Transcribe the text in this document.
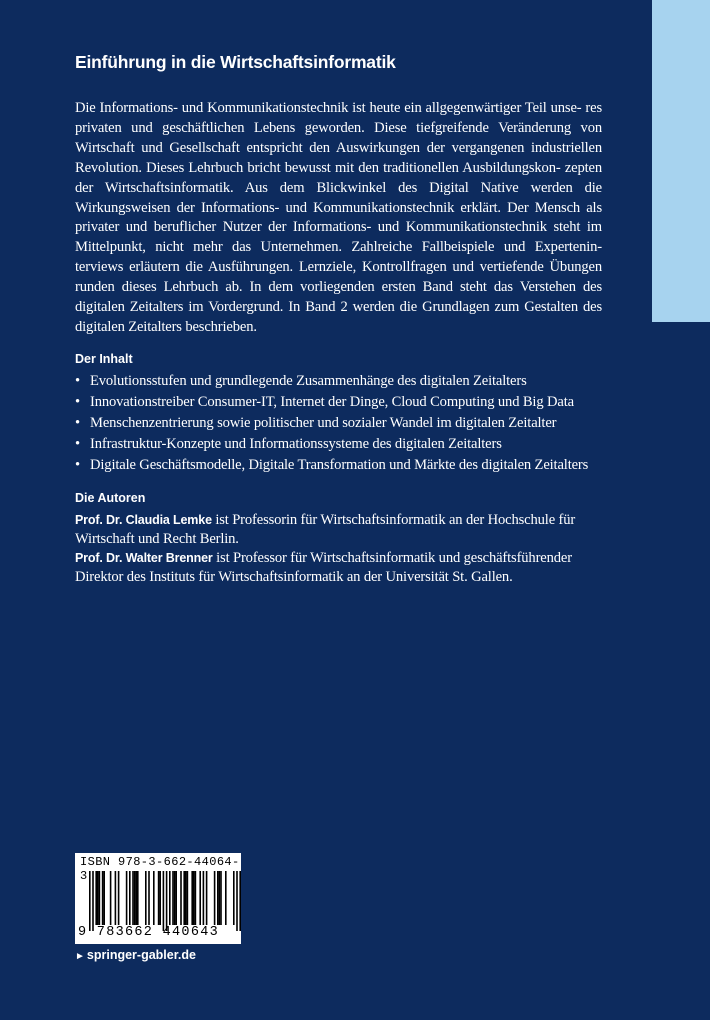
Einführung in die Wirtschaftsinformatik

Die Informations- und Kommunikationstechnik ist heute ein allgegenwärtiger Teil unse- res privaten und geschäftlichen Lebens geworden. Diese tiefgreifende Veränderung von Wirtschaft und Gesellschaft entspricht den Auswirkungen der vergangenen industriellen Revolution. Dieses Lehrbuch bricht bewusst mit den traditionellen Ausbildungskon- zepten der Wirtschaftsinformatik. Aus dem Blickwinkel des Digital Native werden die Wirkungsweisen der Informations- und Kommunikationstechnik erklärt. Der Mensch als privater und beruflicher Nutzer der Informations- und Kommunikationstechnik steht im Mittelpunkt, nicht mehr das Unternehmen. Zahlreiche Fallbeispiele und Expertenin- terviews erläutern die Ausführungen. Lernziele, Kontrollfragen und vertiefende Übungen runden dieses Lehrbuch ab. In dem vorliegenden ersten Band steht das Verstehen des digitalen Zeitalters im Vordergrund. In Band 2 werden die Grundlagen zum Gestalten des digitalen Zeitalters beschrieben.

Der Inhalt
• Evolutionsstufen und grundlegende Zusammenhänge des digitalen Zeitalters
• Innovationstreiber Consumer-IT, Internet der Dinge, Cloud Computing und Big Data
• Menschenzentrierung sowie politischer und sozialer Wandel im digitalen Zeitalter
• Infrastruktur-Konzepte und Informationssysteme des digitalen Zeitalters
• Digitale Geschäftsmodelle, Digitale Transformation und Märkte des digitalen Zeitalters
Die Autoren

Prof. Dr. Claudia Lemke ist Professorin für Wirtschaftsinformatik an der Hochschule für Wirtschaft und Recht Berlin.

Prof. Dr. Walter Brenner ist Professor für Wirtschaftsinformatik und geschäftsführender Direktor des Instituts für Wirtschaftsinformatik an der Universität St. Gallen.

ISBN 978-3-662-44064-3
9 783662 440643
► springer-gabler.de
